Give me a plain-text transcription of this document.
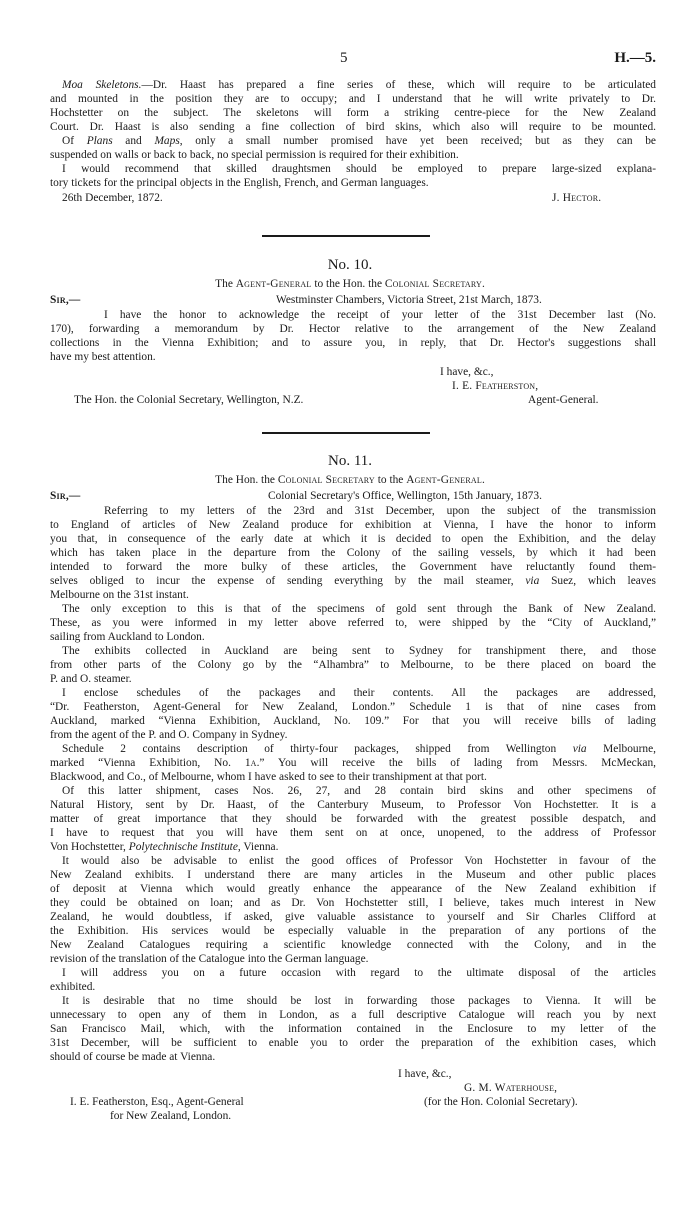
5	H.—5.
Moa Skeletons.—Dr. Haast has prepared a fine series of these, which will require to be articulated
and mounted in the position they are to occupy; and I understand that he will write privately to Dr.
Hochstetter on the subject. The skeletons will form a striking centre-piece for the New Zealand
Court. Dr. Haast is also sending a fine collection of bird skins, which also will require to be mounted.
Of Plans and Maps, only a small number promised have yet been received; but as they can be
suspended on walls or back to back, no special permission is required for their exhibition.
I would recommend that skilled draughtsmen should be employed to prepare large-sized explana-
tory tickets for the principal objects in the English, French, and German languages.
26th December, 1872.	J. Hector.
No. 10.
The Agent-General to the Hon. the Colonial Secretary.
Sir,—	Westminster Chambers, Victoria Street, 21st March, 1873.
I have the honor to acknowledge the receipt of your letter of the 31st December last (No.
170), forwarding a memorandum by Dr. Hector relative to the arrangement of the New Zealand
collections in the Vienna Exhibition; and to assure you, in reply, that Dr. Hector's suggestions shall
have my best attention.
I have, &c.,
I. E. Featherston,
The Hon. the Colonial Secretary, Wellington, N.Z.	Agent-General.
No. 11.
The Hon. the Colonial Secretary to the Agent-General.
Sir,—	Colonial Secretary's Office, Wellington, 15th January, 1873.
Referring to my letters of the 23rd and 31st December, upon the subject of the transmission
to England of articles of New Zealand produce for exhibition at Vienna, I have the honor to inform
you that, in consequence of the early date at which it is decided to open the Exhibition, and the delay
which has taken place in the departure from the Colony of the sailing vessels, by which it had been
intended to forward the more bulky of these articles, the Government have reluctantly found them-
selves obliged to incur the expense of sending everything by the mail steamer, via Suez, which leaves
Melbourne on the 31st instant.
The only exception to this is that of the specimens of gold sent through the Bank of New Zealand.
These, as you were informed in my letter above referred to, were shipped by the “City of Auckland,”
sailing from Auckland to London.
The exhibits collected in Auckland are being sent to Sydney for transhipment there, and those
from other parts of the Colony go by the “Alhambra” to Melbourne, to be there placed on board the
P. and O. steamer.
I enclose schedules of the packages and their contents. All the packages are addressed,
“Dr. Featherston, Agent-General for New Zealand, London.” Schedule 1 is that of nine cases from
Auckland, marked “Vienna Exhibition, Auckland, No. 109.” For that you will receive bills of lading
from the agent of the P. and O. Company in Sydney.
Schedule 2 contains description of thirty-four packages, shipped from Wellington via Melbourne,
marked “Vienna Exhibition, No. 1a.” You will receive the bills of lading from Messrs. McMeckan,
Blackwood, and Co., of Melbourne, whom I have asked to see to their transhipment at that port.
Of this latter shipment, cases Nos. 26, 27, and 28 contain bird skins and other specimens of
Natural History, sent by Dr. Haast, of the Canterbury Museum, to Professor Von Hochstetter. It is a
matter of great importance that they should be forwarded with the greatest possible despatch, and
I have to request that you will have them sent on at once, unopened, to the address of Professor
Von Hochstetter, Polytechnische Institute, Vienna.
It would also be advisable to enlist the good offices of Professor Von Hochstetter in favour of the
New Zealand exhibits. I understand there are many articles in the Museum and other public places
of deposit at Vienna which would greatly enhance the appearance of the New Zealand exhibition if
they could be obtained on loan; and as Dr. Von Hochstetter still, I believe, takes much interest in New
Zealand, he would doubtless, if asked, give valuable assistance to yourself and Sir Charles Clifford at
the Exhibition. His services would be especially valuable in the preparation of any portions of the
New Zealand Catalogues requiring a scientific knowledge connected with the Colony, and in the
revision of the translation of the Catalogue into the German language.
I will address you on a future occasion with regard to the ultimate disposal of the articles
exhibited.
It is desirable that no time should be lost in forwarding those packages to Vienna. It will be
unnecessary to open any of them in London, as a full descriptive Catalogue will reach you by next
San Francisco Mail, which, with the information contained in the Enclosure to my letter of the
31st December, will be sufficient to enable you to order the preparation of the exhibition cases, which
should of course be made at Vienna.
I have, &c.,
G. M. Waterhouse,
I. E. Featherston, Esq., Agent-General	(for the Hon. Colonial Secretary).
for New Zealand, London.
